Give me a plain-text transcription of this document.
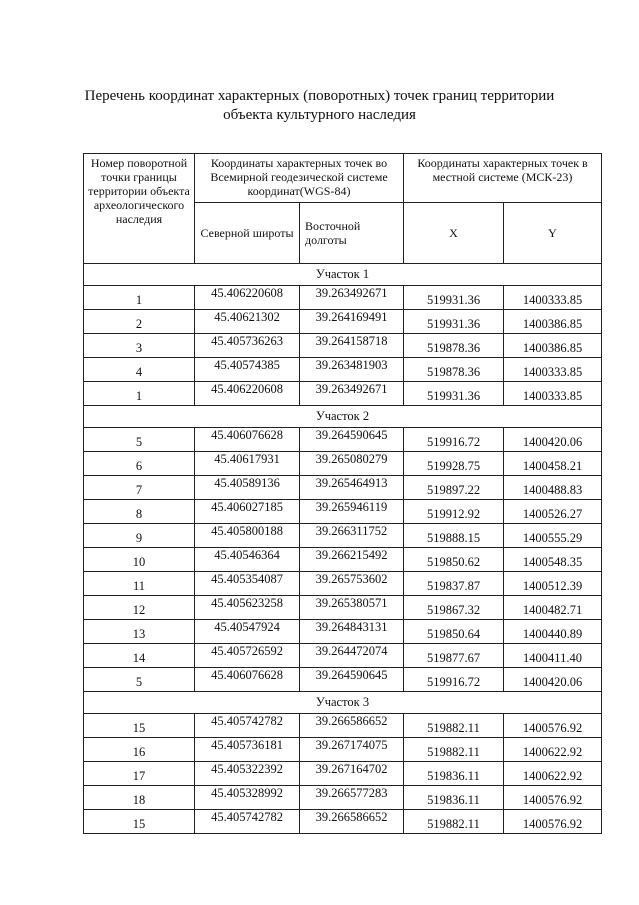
Перечень координат характерных (поворотных) точек границ территории
объекта культурного наследия
Номер поворотной точки границы территории объекта археологического наследия	Координаты характерных точек во Всемирной геодезической системе координат(WGS-84)		Координаты характерных точек в местной системе (МСК-23)	
	Северной широты	Восточной долготы	X	Y
Участок 1				
1	45.406220608	39.263492671	519931.36	1400333.85
2	45.40621302	39.264169491	519931.36	1400386.85
3	45.405736263	39.264158718	519878.36	1400386.85
4	45.40574385	39.263481903	519878.36	1400333.85
1	45.406220608	39.263492671	519931.36	1400333.85
Участок 2				
5	45.406076628	39.264590645	519916.72	1400420.06
6	45.40617931	39.265080279	519928.75	1400458.21
7	45.40589136	39.265464913	519897.22	1400488.83
8	45.406027185	39.265946119	519912.92	1400526.27
9	45.405800188	39.266311752	519888.15	1400555.29
10	45.40546364	39.266215492	519850.62	1400548.35
11	45.405354087	39.265753602	519837.87	1400512.39
12	45.405623258	39.265380571	519867.32	1400482.71
13	45.40547924	39.264843131	519850.64	1400440.89
14	45.405726592	39.264472074	519877.67	1400411.40
5	45.406076628	39.264590645	519916.72	1400420.06
Участок 3				
15	45.405742782	39.266586652	519882.11	1400576.92
16	45.405736181	39.267174075	519882.11	1400622.92
17	45.405322392	39.267164702	519836.11	1400622.92
18	45.405328992	39.266577283	519836.11	1400576.92
15	45.405742782	39.266586652	519882.11	1400576.92
